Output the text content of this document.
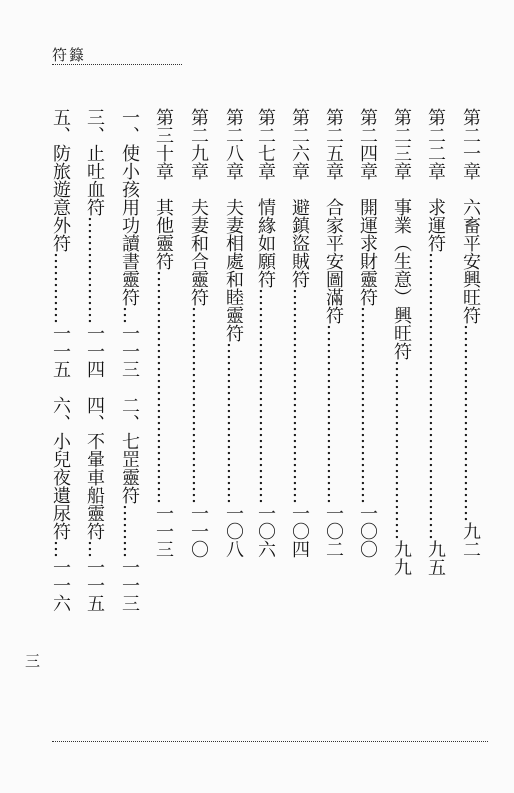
符籙
第二一章　六畜平安興旺符……………………………九二
第二二章　求運符…………………………………………九五
第二三章　事業︵生意︶興旺符…………………………九九
第二四章　開運求財靈符……………………………一〇〇
第二五章　合家平安圖滿符…………………………一〇二
第二六章　避鎮盜賊符………………………………一〇四
第二七章　情緣如願符………………………………一〇六
第二八章　夫妻相處和睦靈符………………………一〇八
第二九章　夫妻和合靈符……………………………一一〇
第三十章　其他靈符…………………………………一一三
一、使小孩用功讀書靈符…一一三　二、七罡靈符………一一三
三、止吐血符………………一一四　四、不暈車船靈符…一一五
五、防旅遊意外符…………一一五　六、小兒夜遺尿符…一一六
三
